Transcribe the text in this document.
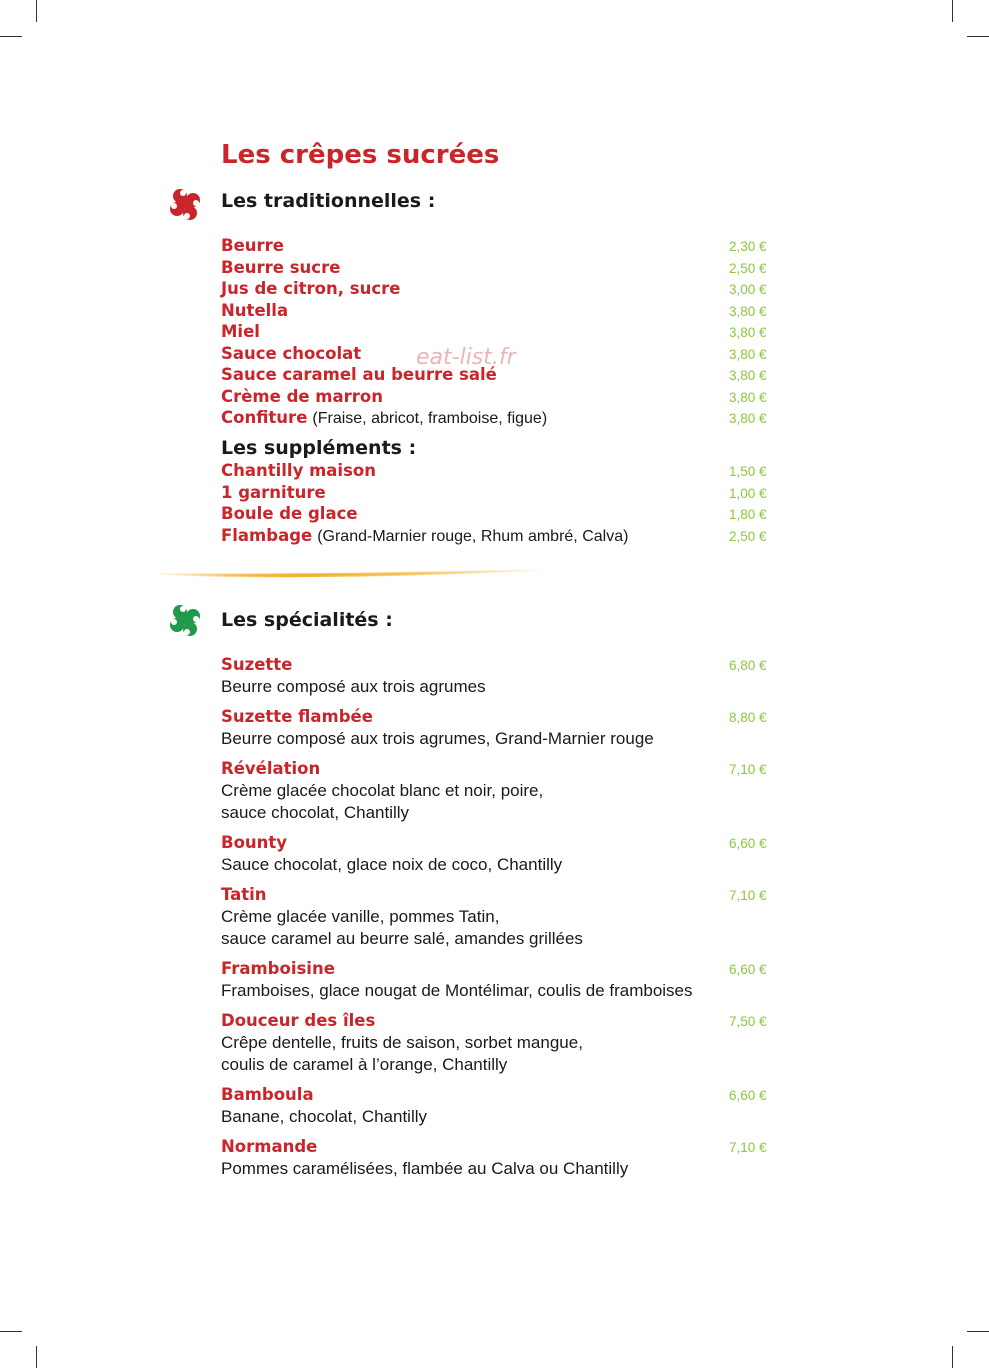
Les crêpes sucrées
Les traditionnelles :
Beurre	2,30 €
Beurre sucre	2,50 €
Jus de citron, sucre	3,00 €
Nutella	3,80 €
Miel	3,80 €
Sauce chocolat	3,80 €
Sauce caramel au beurre salé	3,80 €
Crème de marron	3,80 €
Confiture (Fraise, abricot, framboise, figue)	3,80 €
Les suppléments :
Chantilly maison	1,50 €
1 garniture	1,00 €
Boule de glace	1,80 €
Flambage (Grand-Marnier rouge, Rhum ambré, Calva)	2,50 €
eat-list.fr
Les spécialités :
Suzette	6,80 €
Beurre composé aux trois agrumes
Suzette flambée	8,80 €
Beurre composé aux trois agrumes, Grand-Marnier rouge
Révélation	7,10 €
Crème glacée chocolat blanc et noir, poire,
sauce chocolat, Chantilly
Bounty	6,60 €
Sauce chocolat, glace noix de coco, Chantilly
Tatin	7,10 €
Crème glacée vanille, pommes Tatin,
sauce caramel au beurre salé, amandes grillées
Framboisine	6,60 €
Framboises, glace nougat de Montélimar, coulis de framboises
Douceur des îles	7,50 €
Crêpe dentelle, fruits de saison, sorbet mangue,
coulis de caramel à l’orange, Chantilly
Bamboula	6,60 €
Banane, chocolat, Chantilly
Normande	7,10 €
Pommes caramélisées, flambée au Calva ou Chantilly
